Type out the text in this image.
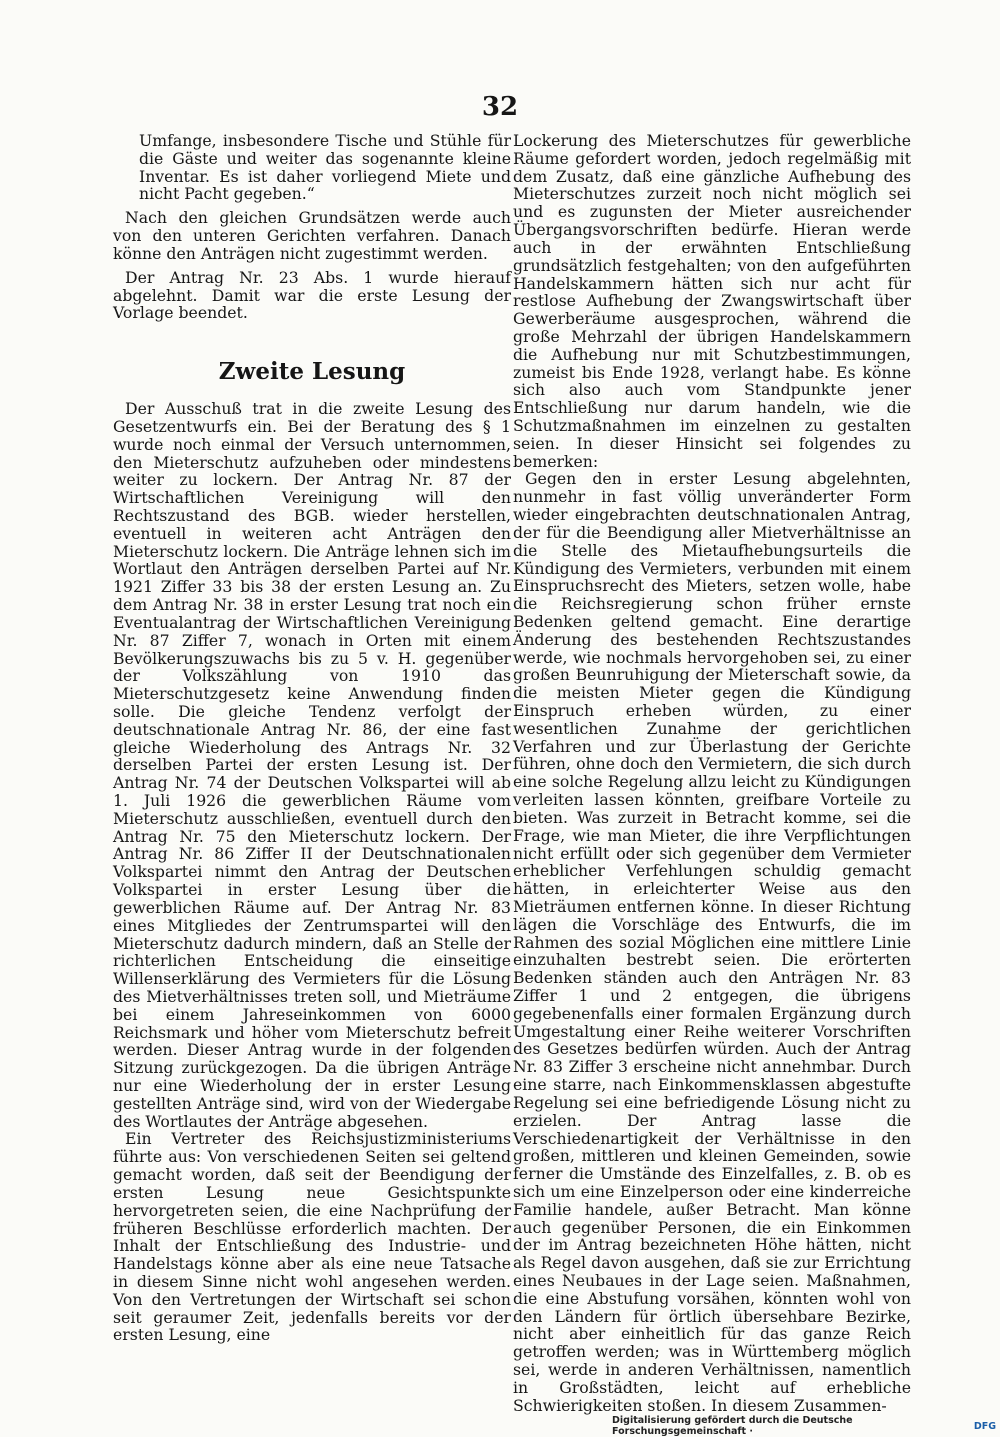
32

Umfange, insbesondere Tische und Stühle für die Gäste und weiter das sogenannte kleine Inventar. Es ist daher vorliegend Miete und nicht Pacht gegeben.“

Nach den gleichen Grundsätzen werde auch von den unteren Gerichten verfahren. Danach könne den Anträgen nicht zugestimmt werden.

Der Antrag Nr. 23 Abs. 1 wurde hierauf abgelehnt. Damit war die erste Lesung der Vorlage beendet.

Zweite Lesung

Der Ausschuß trat in die zweite Lesung des Gesetzentwurfs ein. Bei der Beratung des § 1 wurde noch einmal der Versuch unternommen, den Mieterschutz aufzuheben oder mindestens weiter zu lockern. Der Antrag Nr. 87 der Wirtschaftlichen Vereinigung will den Rechtszustand des BGB. wieder herstellen, eventuell in weiteren acht Anträgen den Mieterschutz lockern. Die Anträge lehnen sich im Wortlaut den Anträgen derselben Partei auf Nr. 1921 Ziffer 33 bis 38 der ersten Lesung an. Zu dem Antrag Nr. 38 in erster Lesung trat noch ein Eventualantrag der Wirtschaftlichen Vereinigung Nr. 87 Ziffer 7, wonach in Orten mit einem Bevölkerungszuwachs bis zu 5 v. H. gegenüber der Volkszählung von 1910 das Mieterschutzgesetz keine Anwendung finden solle. Die gleiche Tendenz verfolgt der deutschnationale Antrag Nr. 86, der eine fast gleiche Wiederholung des Antrags Nr. 32 derselben Partei der ersten Lesung ist. Der Antrag Nr. 74 der Deutschen Volkspartei will ab 1. Juli 1926 die gewerblichen Räume vom Mieterschutz ausschließen, eventuell durch den Antrag Nr. 75 den Mieterschutz lockern. Der Antrag Nr. 86 Ziffer II der Deutschnationalen Volkspartei nimmt den Antrag der Deutschen Volkspartei in erster Lesung über die gewerblichen Räume auf. Der Antrag Nr. 83 eines Mitgliedes der Zentrumspartei will den Mieterschutz dadurch mindern, daß an Stelle der richterlichen Entscheidung die einseitige Willenserklärung des Vermieters für die Lösung des Mietverhältnisses treten soll, und Mieträume bei einem Jahreseinkommen von 6000 Reichsmark und höher vom Mieterschutz befreit werden. Dieser Antrag wurde in der folgenden Sitzung zurückgezogen. Da die übrigen Anträge nur eine Wiederholung der in erster Lesung gestellten Anträge sind, wird von der Wiedergabe des Wortlautes der Anträge abgesehen.

Ein Vertreter des Reichsjustizministeriums führte aus: Von verschiedenen Seiten sei geltend gemacht worden, daß seit der Beendigung der ersten Lesung neue Gesichtspunkte hervorgetreten seien, die eine Nachprüfung der früheren Beschlüsse erforderlich machten. Der Inhalt der Entschließung des Industrie- und Handelstags könne aber als eine neue Tatsache in diesem Sinne nicht wohl angesehen werden. Von den Vertretungen der Wirtschaft sei schon seit geraumer Zeit, jedenfalls bereits vor der ersten Lesung, eine

Lockerung des Mieterschutzes für gewerbliche Räume gefordert worden, jedoch regelmäßig mit dem Zusatz, daß eine gänzliche Aufhebung des Mieterschutzes zurzeit noch nicht möglich sei und es zugunsten der Mieter ausreichender Übergangsvorschriften bedürfe. Hieran werde auch in der erwähnten Entschließung grundsätzlich festgehalten; von den aufgeführten Handelskammern hätten sich nur acht für restlose Aufhebung der Zwangswirtschaft über Gewerberäume ausgesprochen, während die große Mehrzahl der übrigen Handelskammern die Aufhebung nur mit Schutzbestimmungen, zumeist bis Ende 1928, verlangt habe. Es könne sich also auch vom Standpunkte jener Entschließung nur darum handeln, wie die Schutzmaßnahmen im einzelnen zu gestalten seien. In dieser Hinsicht sei folgendes zu bemerken:

Gegen den in erster Lesung abgelehnten, nunmehr in fast völlig unveränderter Form wieder eingebrachten deutschnationalen Antrag, der für die Beendigung aller Mietverhältnisse an die Stelle des Mietaufhebungsurteils die Kündigung des Vermieters, verbunden mit einem Einspruchsrecht des Mieters, setzen wolle, habe die Reichsregierung schon früher ernste Bedenken geltend gemacht. Eine derartige Änderung des bestehenden Rechtszustandes werde, wie nochmals hervorgehoben sei, zu einer großen Beunruhigung der Mieterschaft sowie, da die meisten Mieter gegen die Kündigung Einspruch erheben würden, zu einer wesentlichen Zunahme der gerichtlichen Verfahren und zur Überlastung der Gerichte führen, ohne doch den Vermietern, die sich durch eine solche Regelung allzu leicht zu Kündigungen verleiten lassen könnten, greifbare Vorteile zu bieten. Was zurzeit in Betracht komme, sei die Frage, wie man Mieter, die ihre Verpflichtungen nicht erfüllt oder sich gegenüber dem Vermieter erheblicher Verfehlungen schuldig gemacht hätten, in erleichterter Weise aus den Mieträumen entfernen könne. In dieser Richtung lägen die Vorschläge des Entwurfs, die im Rahmen des sozial Möglichen eine mittlere Linie einzuhalten bestrebt seien. Die erörterten Bedenken ständen auch den Anträgen Nr. 83 Ziffer 1 und 2 entgegen, die übrigens gegebenenfalls einer formalen Ergänzung durch Umgestaltung einer Reihe weiterer Vorschriften des Gesetzes bedürfen würden. Auch der Antrag Nr. 83 Ziffer 3 erscheine nicht annehmbar. Durch eine starre, nach Einkommensklassen abgestufte Regelung sei eine befriedigende Lösung nicht zu erzielen. Der Antrag lasse die Verschiedenartigkeit der Verhältnisse in den großen, mittleren und kleinen Gemeinden, sowie ferner die Umstände des Einzelfalles, z. B. ob es sich um eine Einzelperson oder eine kinderreiche Familie handele, außer Betracht. Man könne auch gegenüber Personen, die ein Einkommen der im Antrag bezeichneten Höhe hätten, nicht als Regel davon ausgehen, daß sie zur Errichtung eines Neubaues in der Lage seien. Maßnahmen, die eine Abstufung vorsähen, könnten wohl von den Ländern für örtlich übersehbare Bezirke, nicht aber einheitlich für das ganze Reich getroffen werden; was in Württemberg möglich sei, werde in anderen Verhältnissen, namentlich in Großstädten, leicht auf erhebliche Schwierigkeiten stoßen. In diesem Zusammen-

Digitalisierung gefördert durch die Deutsche Forschungsgemeinschaft ·	DFG
